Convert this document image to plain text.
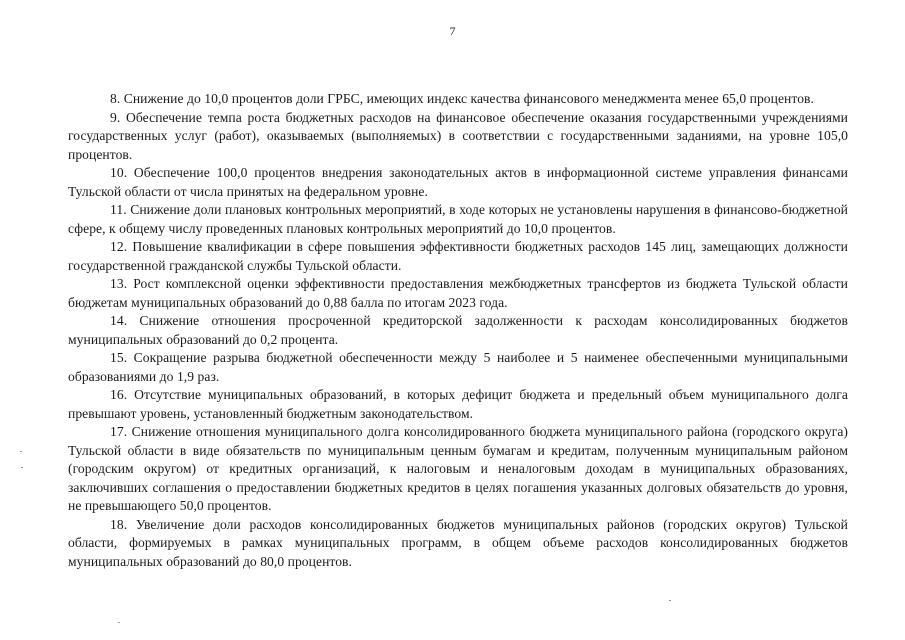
7

8. Снижение до 10,0 процентов доли ГРБС, имеющих индекс качества финансового менеджмента менее 65,0 процентов.

9. Обеспечение темпа роста бюджетных расходов на финансовое обеспечение оказания государственными учреждениями государственных услуг (работ), оказываемых (выполняемых) в соответствии с государственными заданиями, на уровне 105,0 процентов.

10. Обеспечение 100,0 процентов внедрения законодательных актов в информационной системе управления финансами Тульской области от числа принятых на федеральном уровне.

11. Снижение доли плановых контрольных мероприятий, в ходе которых не установлены нарушения в финансово-бюджетной сфере, к общему числу проведенных плановых контрольных мероприятий до 10,0 процентов.

12. Повышение квалификации в сфере повышения эффективности бюджетных расходов 145 лиц, замещающих должности государственной гражданской службы Тульской области.

13. Рост комплексной оценки эффективности предоставления межбюджетных трансфертов из бюджета Тульской области бюджетам муниципальных образований до 0,88 балла по итогам 2023 года.

14. Снижение отношения просроченной кредиторской задолженности к расходам консолидированных бюджетов муниципальных образований до 0,2 процента.

15. Сокращение разрыва бюджетной обеспеченности между 5 наиболее и 5 наименее обеспеченными муниципальными образованиями до 1,9 раз.

16. Отсутствие муниципальных образований, в которых дефицит бюджета и предельный объем муниципального долга превышают уровень, установленный бюджетным законодательством.

17. Снижение отношения муниципального долга консолидированного бюджета муниципального района (городского округа) Тульской области в виде обязательств по муниципальным ценным бумагам и кредитам, полученным муниципальным районом (городским округом) от кредитных организаций, к налоговым и неналоговым доходам в муниципальных образованиях, заключивших соглашения о предоставлении бюджетных кредитов в целях погашения указанных долговых обязательств до уровня, не превышающего 50,0 процентов.

18. Увеличение доли расходов консолидированных бюджетов муниципальных районов (городских округов) Тульской области, формируемых в рамках муниципальных программ, в общем объеме расходов консолидированных бюджетов муниципальных образований до 80,0 процентов.
